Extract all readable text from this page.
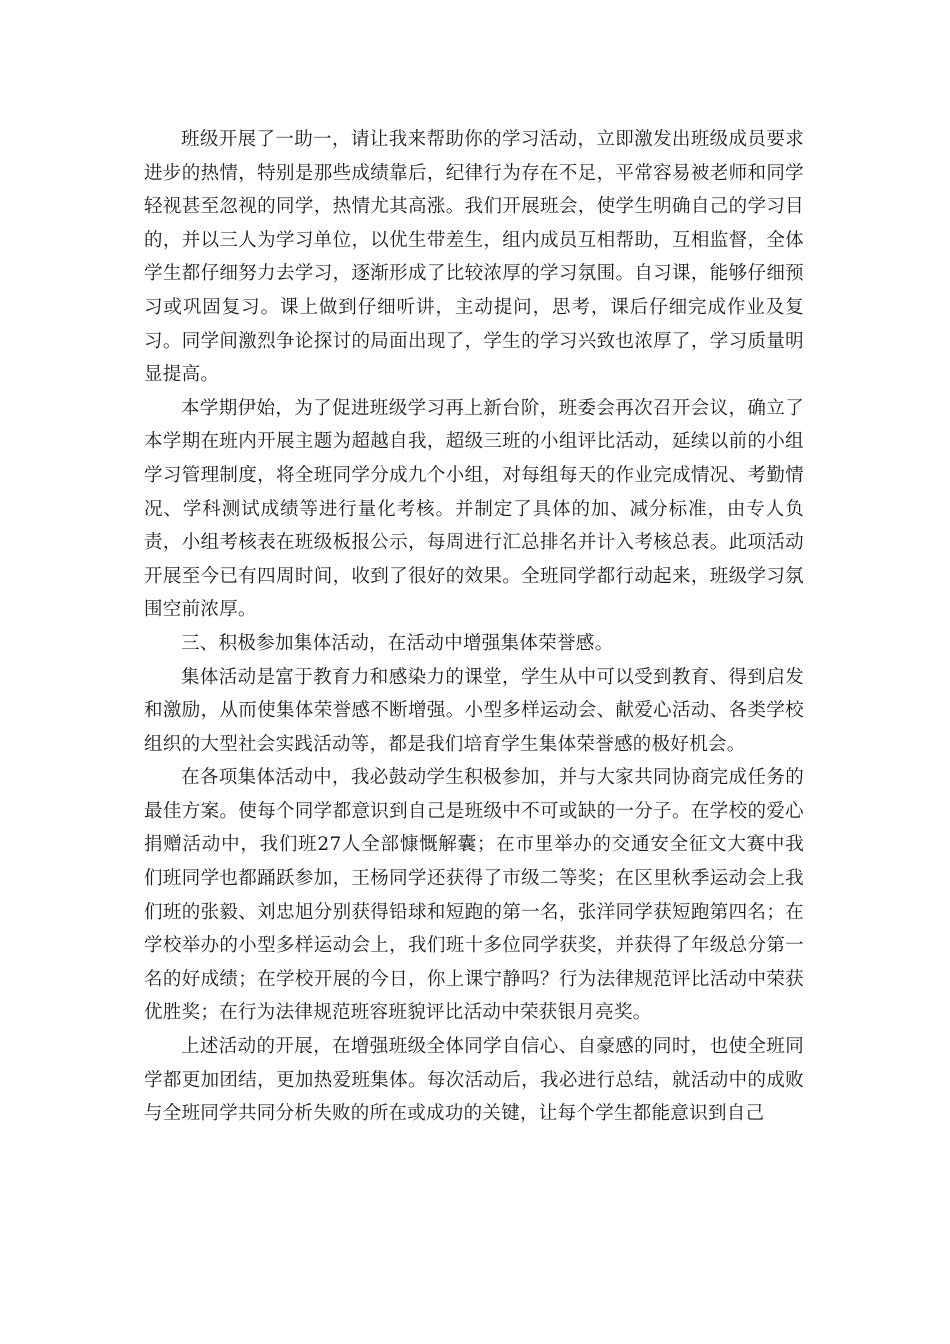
班级开展了一助一，请让我来帮助你的学习活动，立即激发出班级成员要求进步的热情，特别是那些成绩靠后，纪律行为存在不足，平常容易被老师和同学轻视甚至忽视的同学，热情尤其高涨。我们开展班会，使学生明确自己的学习目的，并以三人为学习单位，以优生带差生，组内成员互相帮助，互相监督，全体学生都仔细努力去学习，逐渐形成了比较浓厚的学习氛围。自习课，能够仔细预习或巩固复习。课上做到仔细听讲，主动提问，思考，课后仔细完成作业及复习。同学间激烈争论探讨的局面出现了，学生的学习兴致也浓厚了，学习质量明显提高。

本学期伊始，为了促进班级学习再上新台阶，班委会再次召开会议，确立了本学期在班内开展主题为超越自我，超级三班的小组评比活动，延续以前的小组学习管理制度，将全班同学分成九个小组，对每组每天的作业完成情况、考勤情况、学科测试成绩等进行量化考核。并制定了具体的加、减分标准，由专人负责，小组考核表在班级板报公示，每周进行汇总排名并计入考核总表。此项活动开展至今已有四周时间，收到了很好的效果。全班同学都行动起来，班级学习氛围空前浓厚。

三、积极参加集体活动，在活动中增强集体荣誉感。

集体活动是富于教育力和感染力的课堂，学生从中可以受到教育、得到启发和激励，从而使集体荣誉感不断增强。小型多样运动会、献爱心活动、各类学校组织的大型社会实践活动等，都是我们培育学生集体荣誉感的极好机会。

在各项集体活动中，我必鼓动学生积极参加，并与大家共同协商完成任务的最佳方案。使每个同学都意识到自己是班级中不可或缺的一分子。在学校的爱心捐赠活动中，我们班27人全部慷慨解囊；在市里举办的交通安全征文大赛中我们班同学也都踊跃参加，王杨同学还获得了市级二等奖；在区里秋季运动会上我们班的张毅、刘忠旭分别获得铅球和短跑的第一名，张洋同学获短跑第四名；在学校举办的小型多样运动会上，我们班十多位同学获奖，并获得了年级总分第一名的好成绩；在学校开展的今日，你上课宁静吗？行为法律规范评比活动中荣获优胜奖；在行为法律规范班容班貌评比活动中荣获银月亮奖。

上述活动的开展，在增强班级全体同学自信心、自豪感的同时，也使全班同学都更加团结，更加热爱班集体。每次活动后，我必进行总结，就活动中的成败与全班同学共同分析失败的所在或成功的关键，让每个学生都能意识到自己
